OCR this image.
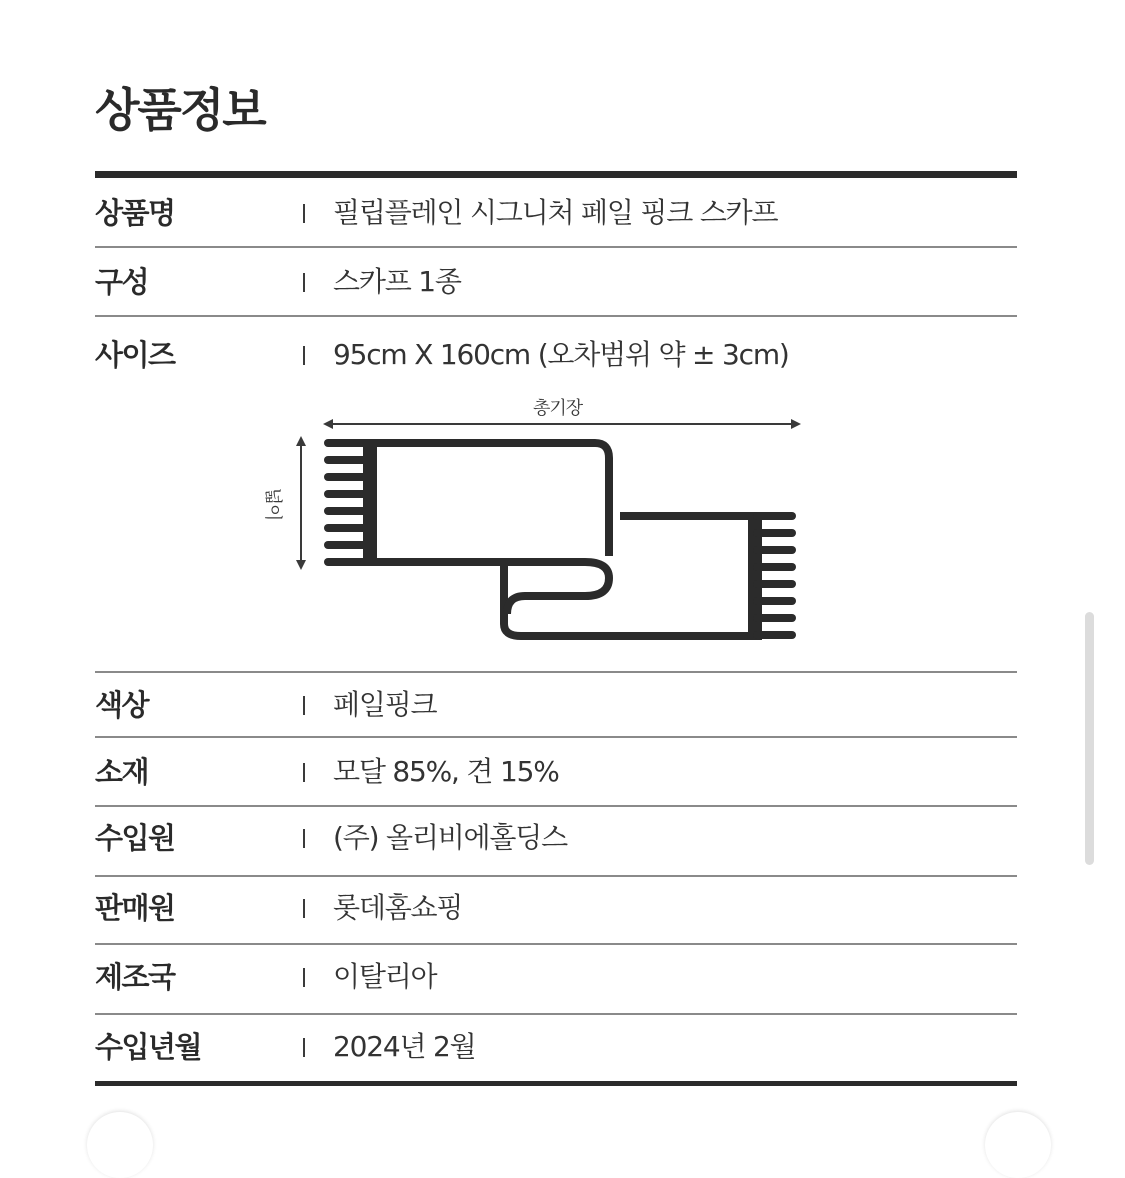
상품정보
상품명	필립플레인 시그니처 페일 핑크 스카프
구성	스카프 1종
사이즈	95cm X 160cm (오차범위 약 ± 3cm)
총기장
넓이
색상	페일핑크
소재	모달 85%, 견 15%
수입원	(주) 올리비에홀딩스
판매원	롯데홈쇼핑
제조국	이탈리아
수입년월	2024년 2월
